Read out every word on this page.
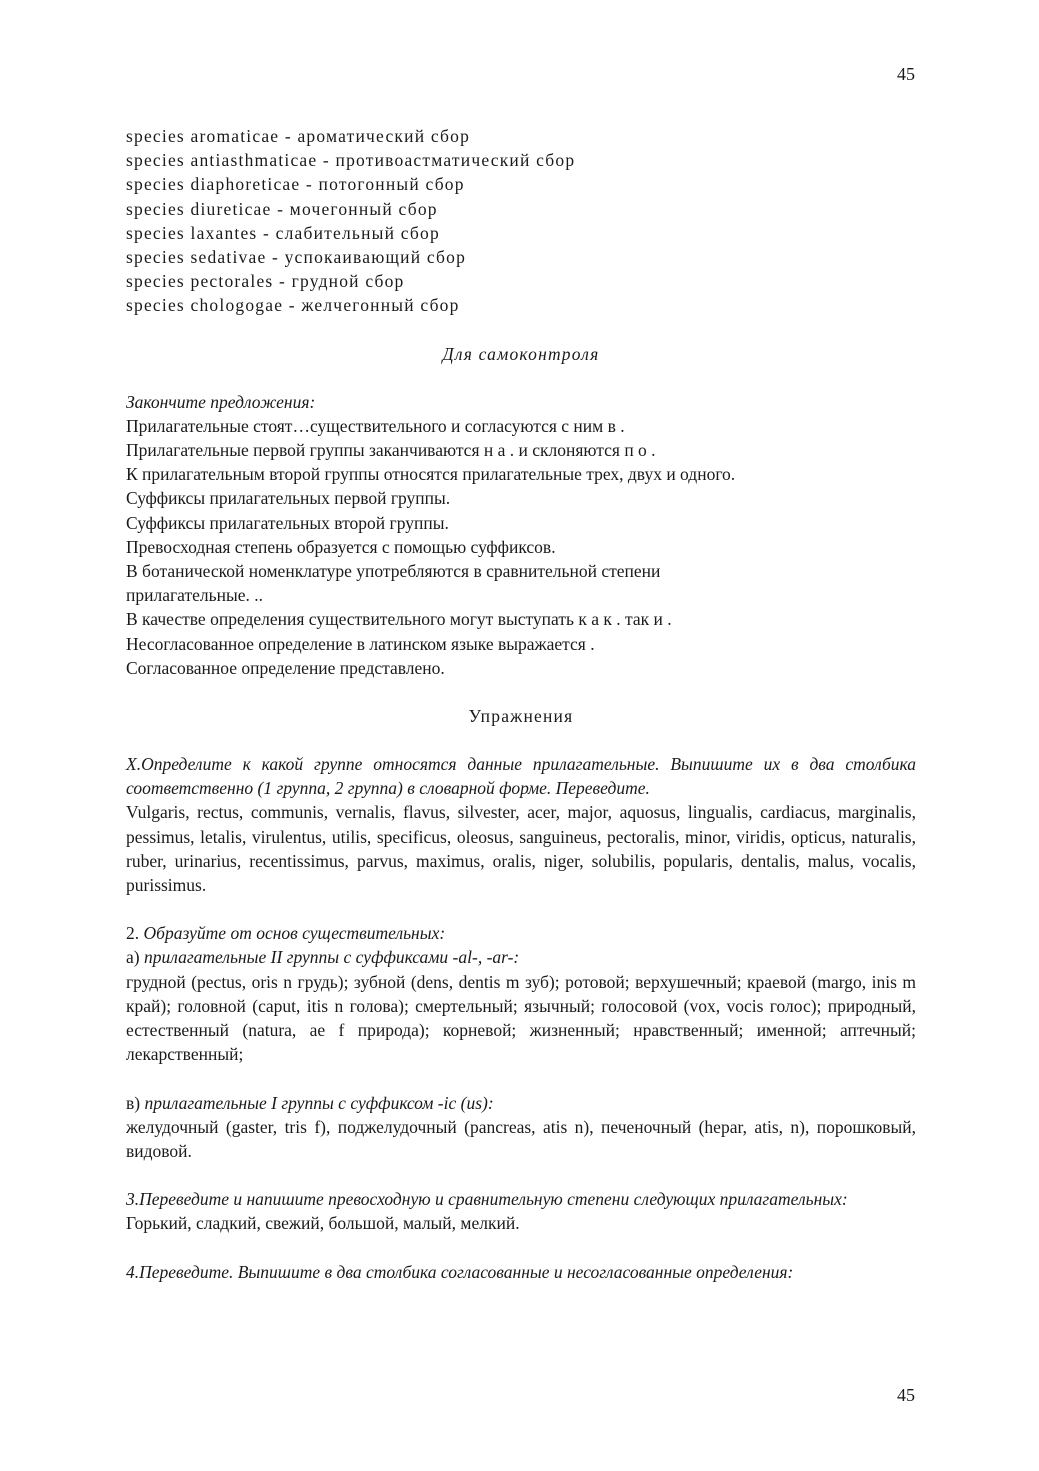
45
species aromaticae - ароматический сбор
species antiasthmaticae - противоастматический сбор
species diaphoreticae - потогонный сбор
species diureticae - мочегонный сбор
species laxantes - слабительный сбор
species sedativae - успокаивающий сбор
species pectorales - грудной сбор
species chologogae - желчегонный сбор
Для самоконтроля
Закончите предложения:
Прилагательные стоят…существительного и согласуются с ним в .
Прилагательные первой группы заканчиваются н а . и склоняются п о .
К прилагательным второй группы относятся прилагательные трех, двух и одного.
Суффиксы прилагательных первой группы.
Суффиксы прилагательных второй группы.
Превосходная степень образуется с помощью суффиксов.
В ботанической номенклатуре употребляются в сравнительной степени
прилагательные. ..
В качестве определения существительного могут выступать к а к . так и .
Несогласованное определение в латинском языке выражается .
Согласованное определение представлено.
Упражнения

Х.Определите к какой группе относятся данные прилагательные. Выпишите их в два столбика соответственно (1 группа, 2 группа) в словарной форме. Переведите.

Vulgaris, rectus, communis, vernalis, flavus, silvester, acer, major, aquosus, lingualis, cardiacus, marginalis, pessimus, letalis, virulentus, utilis, specificus, oleosus, sanguineus, pectoralis, minor, viridis, opticus, naturalis, ruber, urinarius, recentissimus, parvus, maximus, oralis, niger, solubilis, popularis, dentalis, malus, vocalis, purissimus.

2. Образуйте от основ существительных:

а) прилагательные II группы с суффиксами -al-, -ar-:

грудной (pectus, oris n грудь); зубной (dens, dentis m зуб); ротовой; верхушечный; краевой (margo, inis m край); головной (caput, itis n голова); смертельный; язычный; голосовой (vox, vocis голос); природный, естественный (natura, ae f природа); корневой; жизненный; нравственный; именной; аптечный; лекарственный;

в) прилагательные I группы с суффиксом -ic (us):

желудочный (gaster, tris f), поджелудочный (pancreas, atis n), печеночный (hepar, atis, n), порошковый, видовой.

3.Переведите и напишите превосходную и сравнительную степени следующих прилагательных:

Горький, сладкий, свежий, большой, малый, мелкий.

4.Переведите. Выпишите в два столбика согласованные и несогласованные определения:

45
